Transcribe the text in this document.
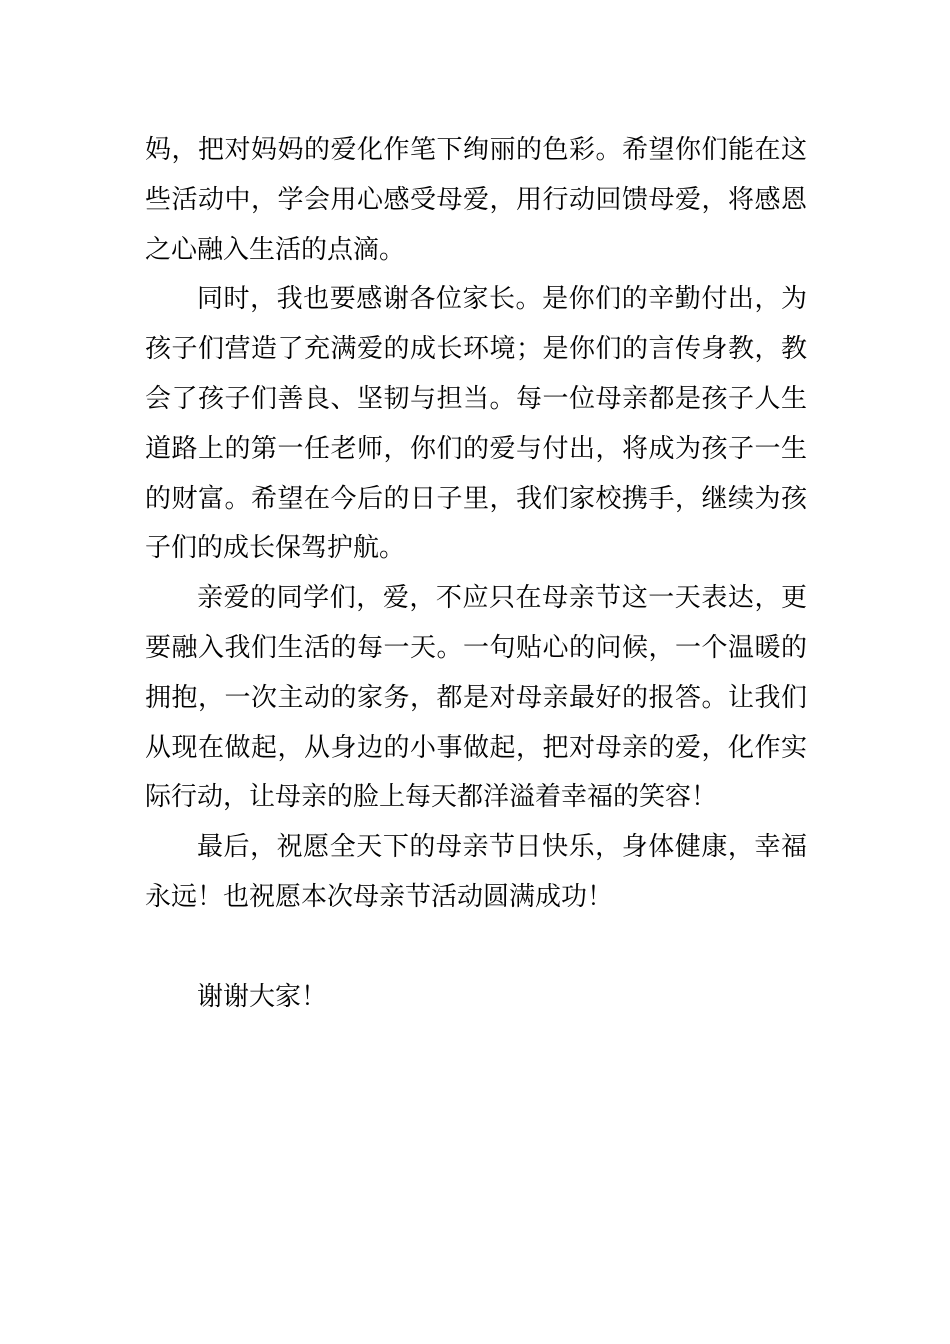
妈，把对妈妈的爱化作笔下绚丽的色彩。希望你们能在这
些活动中，学会用心感受母爱，用行动回馈母爱，将感恩
之心融入生活的点滴。
同时，我也要感谢各位家长。是你们的辛勤付出，为
孩子们营造了充满爱的成长环境；是你们的言传身教，教
会了孩子们善良、坚韧与担当。每一位母亲都是孩子人生
道路上的第一任老师，你们的爱与付出，将成为孩子一生
的财富。希望在今后的日子里，我们家校携手，继续为孩
子们的成长保驾护航。
亲爱的同学们，爱，不应只在母亲节这一天表达，更
要融入我们生活的每一天。一句贴心的问候，一个温暖的
拥抱，一次主动的家务，都是对母亲最好的报答。让我们
从现在做起，从身边的小事做起，把对母亲的爱，化作实
际行动，让母亲的脸上每天都洋溢着幸福的笑容！
最后，祝愿全天下的母亲节日快乐，身体健康，幸福
永远！也祝愿本次母亲节活动圆满成功！
谢谢大家！
